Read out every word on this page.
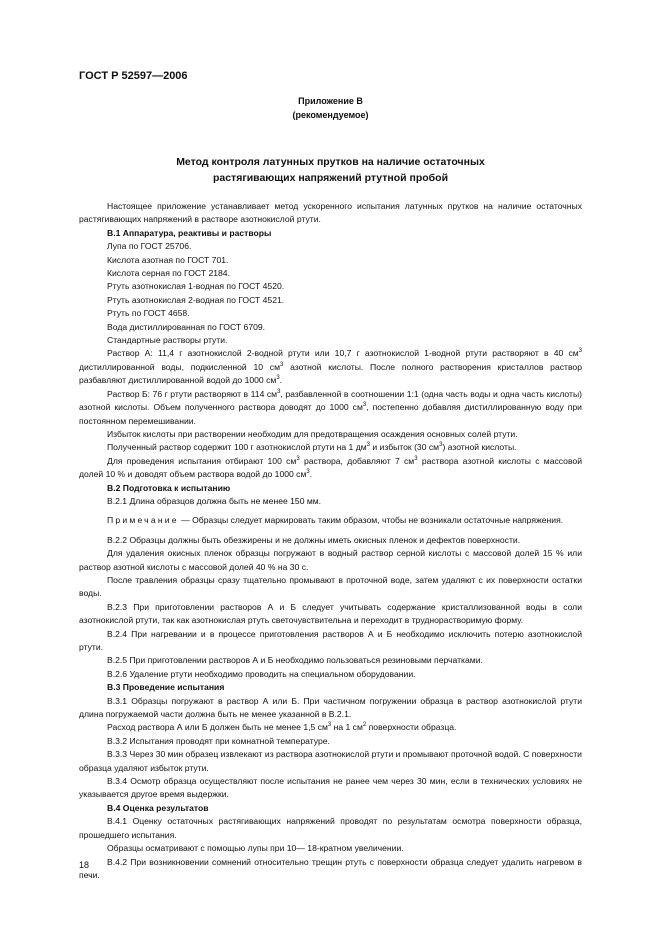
ГОСТ Р 52597—2006
Приложение В
(рекомендуемое)
Метод контроля латунных прутков на наличие остаточных
растягивающих напряжений ртутной пробой

Настоящее приложение устанавливает метод ускоренного испытания латунных прутков на наличие остаточных растягивающих напряжений в растворе азотнокислой ртути.

В.1 Аппаратура, реактивы и растворы

Лупа по ГОСТ 25706.

Кислота азотная по ГОСТ 701.

Кислота серная по ГОСТ 2184.

Ртуть азотнокислая 1-водная по ГОСТ 4520.

Ртуть азотнокислая 2-водная по ГОСТ 4521.

Ртуть по ГОСТ 4658.

Вода дистиллированная по ГОСТ 6709.

Стандартные растворы ртути.

Раствор А: 11,4 г азотнокислой 2-водной ртути или 10,7 г азотнокислой 1-водной ртути растворяют в 40 $см^3$ дистиллированной воды, подкисленной 10 $см^3$ азотной кислоты. После полного растворения кристаллов раствор разбавляют дистиллированной водой до 1000 $см^3$.

Раствор Б: 76 г ртути растворяют в 114 $см^3$, разбавленной в соотношении 1:1 (одна часть воды и одна часть кислоты) азотной кислоты. Объем полученного раствора доводят до 1000 $см^3$, постепенно добавляя дистиллированную воду при постоянном перемешивании.

Избыток кислоты при растворении необходим для предотвращения осаждения основных солей ртути.

Полученный раствор содержит 100 г азотнокислой ртути на 1 $дм^3$ и избыток (30 $см^3$) азотной кислоты.

Для проведения испытания отбирают 100 $см^3$ раствора, добавляют 7 $см^3$ раствора азотной кислоты с массовой долей 10 % и доводят объем раствора водой до 1000 $см^3$.

В.2 Подготовка к испытанию

В.2.1 Длина образцов должна быть не менее 150 мм.

Примечание — Образцы следует маркировать таким образом, чтобы не возникали остаточные напряжения.

В.2.2 Образцы должны быть обезжирены и не должны иметь окисных пленок и дефектов поверхности.

Для удаления окисных пленок образцы погружают в водный раствор серной кислоты с массовой долей 15 % или раствор азотной кислоты с массовой долей 40 % на 30 с.

После травления образцы сразу тщательно промывают в проточной воде, затем удаляют с их поверхности остатки воды.

В.2.3 При приготовлении растворов А и Б следует учитывать содержание кристаллизованной воды в соли азотнокислой ртути, так как азотнокислая ртуть светочувствительна и переходит в труднорастворимую форму.

В.2.4 При нагревании и в процессе приготовления растворов А и Б необходимо исключить потерю азотнокислой ртути.

В.2.5 При приготовлении растворов А и Б необходимо пользоваться резиновыми перчатками.

В.2.6 Удаление ртути необходимо проводить на специальном оборудовании.

В.3 Проведение испытания

В.3.1 Образцы погружают в раствор А или Б. При частичном погружении образца в раствор азотнокислой ртути длина погружаемой части должна быть не менее указанной в В.2.1.

Расход раствора А или Б должен быть не менее 1,5 $см^3$ на 1 $см^2$ поверхности образца.

В.3.2 Испытания проводят при комнатной температуре.

В.3.3 Через 30 мин образец извлекают из раствора азотнокислой ртути и промывают проточной водой. С поверхности образца удаляют избыток ртути.

В.3.4 Осмотр образца осуществляют после испытания не ранее чем через 30 мин, если в технических условиях не указывается другое время выдержки.

В.4 Оценка результатов

В.4.1 Оценку остаточных растягивающих напряжений проводят по результатам осмотра поверхности образца, прошедшего испытания.

Образцы осматривают с помощью лупы при 10— 18-кратном увеличении.

В.4.2 При возникновении сомнений относительно трещин ртуть с поверхности образца следует удалить нагревом в печи.

18
